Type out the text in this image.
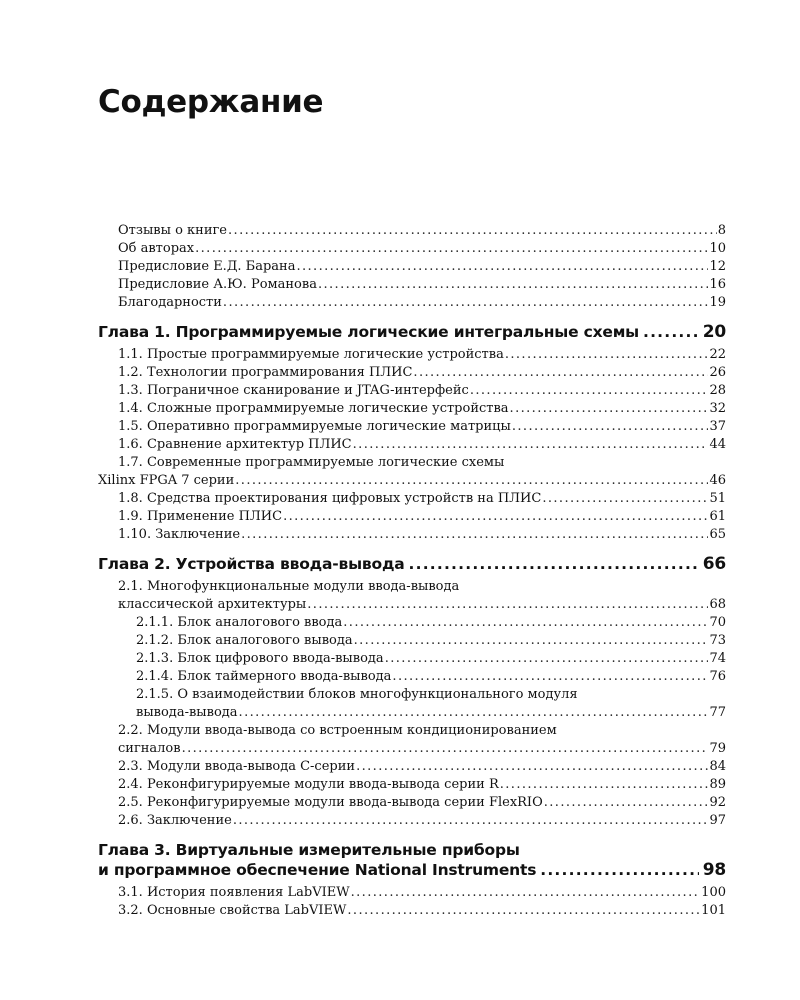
Содержание
Отзывы о книге .....	8
Об авторах .....	10
Предисловие Е.Д. Барана .....	12
Предисловие А.Ю. Романова .....	16
Благодарности .....	19
Глава 1. Программируемые логические интегральные схемы .....	20
1.1. Простые программируемые логические устройства .....	22
1.2. Технологии программирования ПЛИС .....	26
1.3. Пограничное сканирование и JTAG-интерфейс .....	28
1.4. Сложные программируемые логические устройства .....	32
1.5. Оперативно программируемые логические матрицы .....	37
1.6. Сравнение архитектур ПЛИС .....	44
1.7. Современные программируемые логические схемы
Xilinx FPGA 7 серии .....	46
1.8. Средства проектирования цифровых устройств на ПЛИС .....	51
1.9. Применение ПЛИС .....	61
1.10. Заключение .....	65
Глава 2. Устройства ввода-вывода .....	66
2.1. Многофункциональные модули ввода-вывода
классической архитектуры .....	68
2.1.1. Блок аналогового ввода .....	70
2.1.2. Блок аналогового вывода .....	73
2.1.3. Блок цифрового ввода-вывода .....	74
2.1.4. Блок таймерного ввода-вывода .....	76
2.1.5. О взаимодействии блоков многофункционального модуля
вывода-вывода .....	77
2.2. Модули ввода-вывода со встроенным кондиционированием
сигналов .....	79
2.3. Модули ввода-вывода С-серии .....	84
2.4. Реконфигурируемые модули ввода-вывода серии R .....	89
2.5. Реконфигурируемые модули ввода-вывода серии FlexRIO .....	92
2.6. Заключение .....	97
Глава 3. Виртуальные измерительные приборы
и программное обеспечение National Instruments .....	98
3.1. История появления LabVIEW .....	100
3.2. Основные свойства LabVIEW .....	101
